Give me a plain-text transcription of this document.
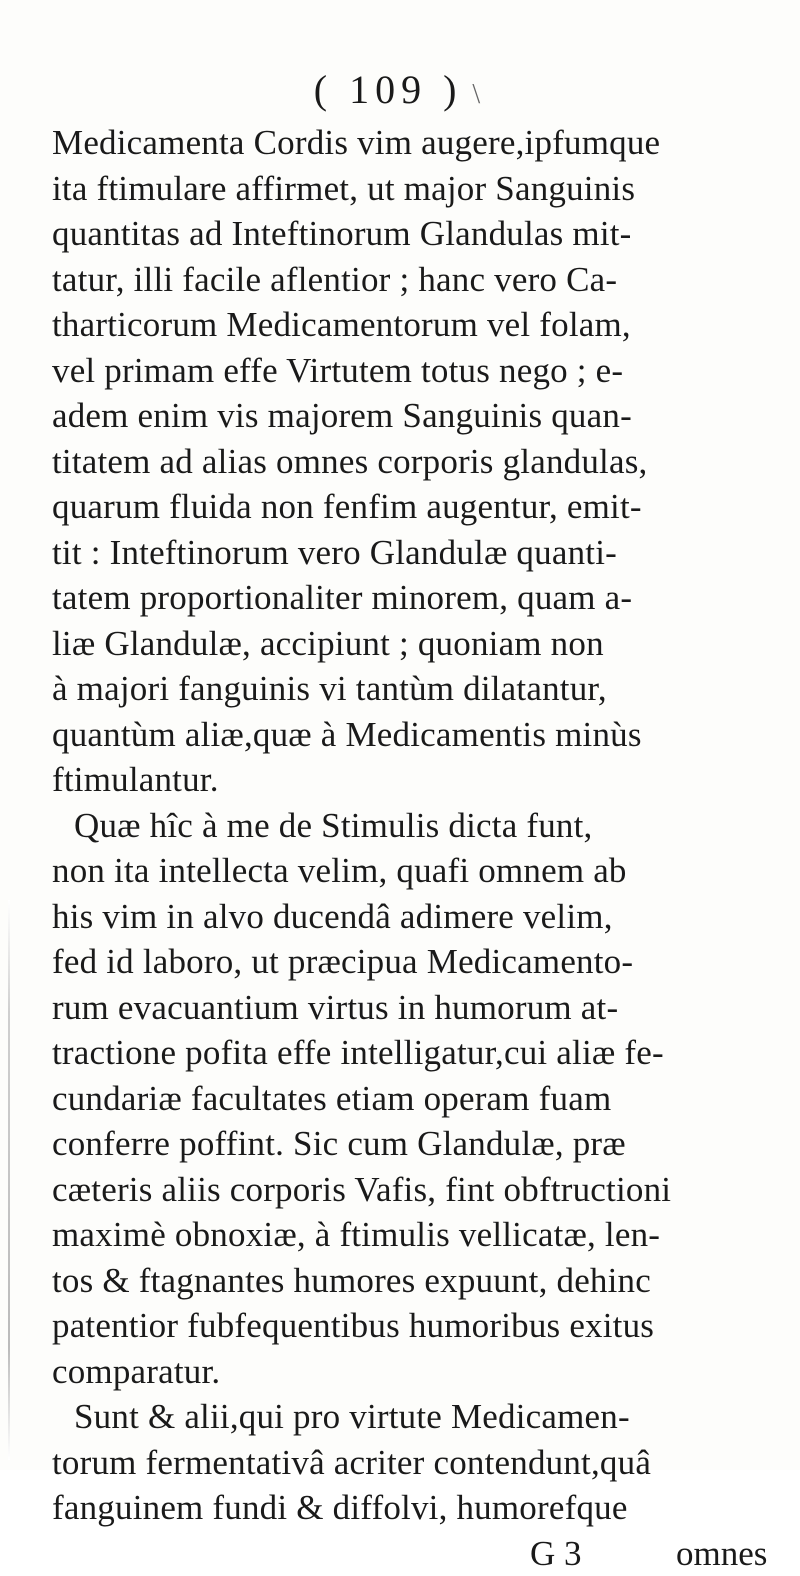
( 109 ) \
Medicamenta Cordis vim augere,ipfumque
ita ftimulare affirmet, ut major Sanguinis
quantitas ad Inteftinorum Glandulas mit-
tatur, illi facile aflentior ; hanc vero Ca-
tharticorum Medicamentorum vel folam,
vel primam effe Virtutem totus nego ; e-
adem enim vis majorem Sanguinis quan-
titatem ad alias omnes corporis glandulas,
quarum fluida non fenfim augentur, emit-
tit : Inteftinorum vero Glandulæ quanti-
tatem proportionaliter minorem, quam a-
liæ Glandulæ, accipiunt ; quoniam non
à majori fanguinis vi tantùm dilatantur,
quantùm aliæ,quæ à Medicamentis minùs
ftimulantur.
Quæ hîc à me de Stimulis dicta funt,
non ita intellecta velim, quafi omnem ab
his vim in alvo ducendâ adimere velim,
fed id laboro, ut præcipua Medicamento-
rum evacuantium virtus in humorum at-
tractione pofita effe intelligatur,cui aliæ fe-
cundariæ facultates etiam operam fuam
conferre poffint. Sic cum Glandulæ, præ
cæteris aliis corporis Vafis, fint obftructioni
maximè obnoxiæ, à ftimulis vellicatæ, len-
tos & ftagnantes humores expuunt, dehinc
patentior fubfequentibus humoribus exitus
comparatur.
Sunt & alii,qui pro virtute Medicamen-
torum fermentativâ acriter contendunt,quâ
fanguinem fundi & diffolvi, humorefque
G 3	omnes
